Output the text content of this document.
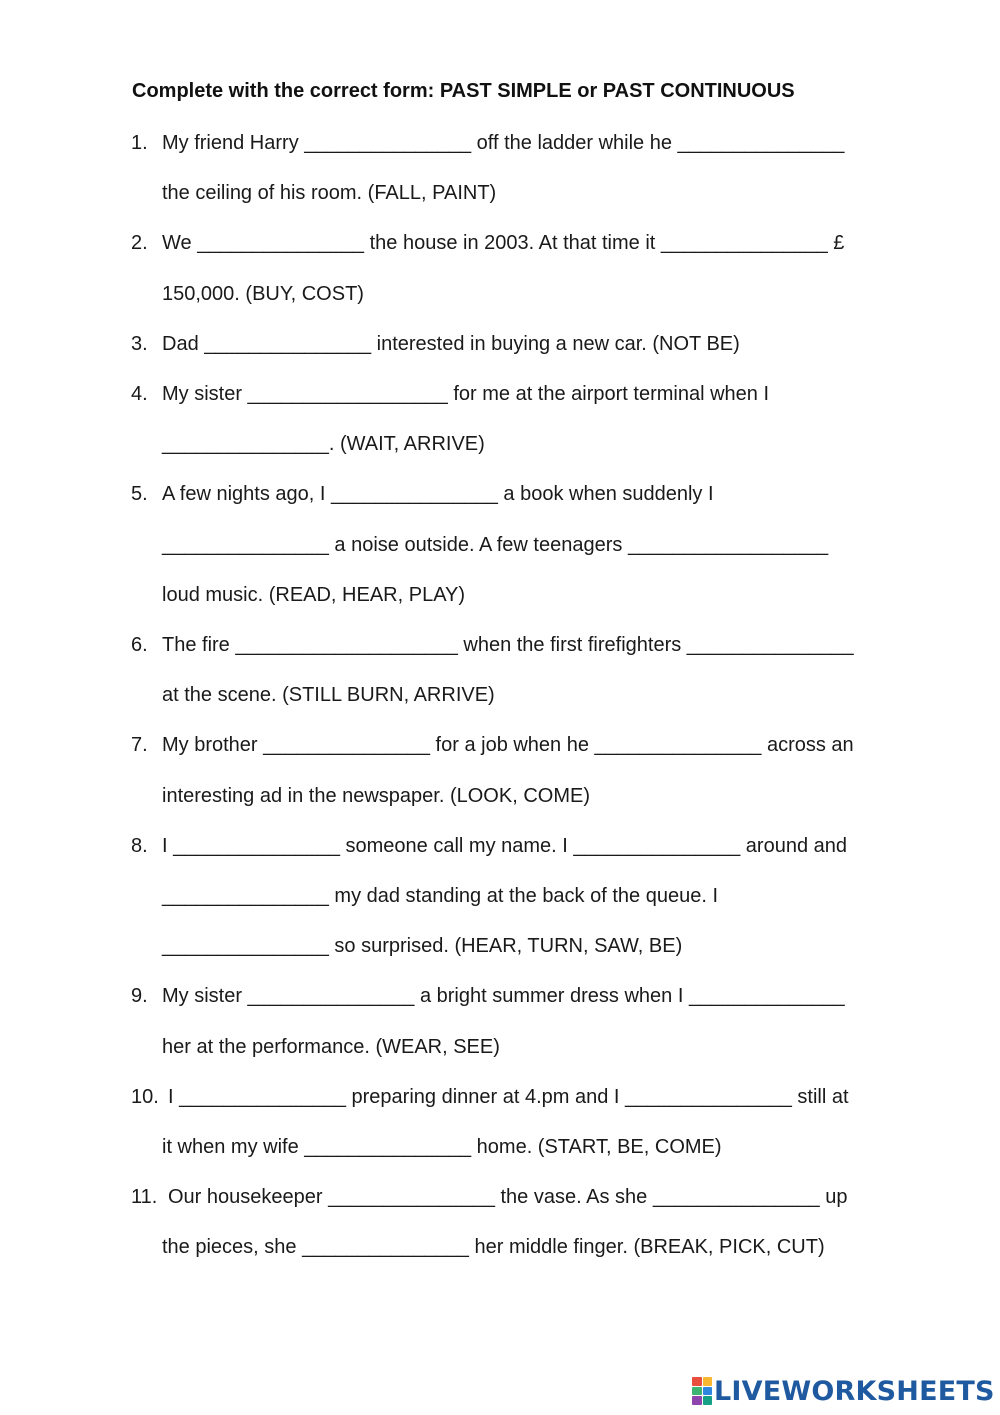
Complete with the correct form: PAST SIMPLE or PAST CONTINUOUS
1. My friend Harry _______________ off the ladder while he _______________
the ceiling of his room. (FALL, PAINT)
2. We _______________ the house in 2003. At that time it _______________ £
150,000. (BUY, COST)
3. Dad _______________ interested in buying a new car. (NOT BE)
4. My sister __________________ for me at the airport terminal when I
_______________. (WAIT, ARRIVE)
5. A few nights ago, I _______________ a book when suddenly I
_______________ a noise outside. A few teenagers __________________
loud music. (READ, HEAR, PLAY)
6. The fire ____________________ when the first firefighters _______________
at the scene. (STILL BURN, ARRIVE)
7. My brother _______________ for a job when he _______________ across an
interesting ad in the newspaper. (LOOK, COME)
8. I _______________ someone call my name. I _______________ around and
_______________ my dad standing at the back of the queue. I
_______________ so surprised. (HEAR, TURN, SAW, BE)
9. My sister _______________ a bright summer dress when I ______________
her at the performance. (WEAR, SEE)
10. I _______________ preparing dinner at 4.pm and I _______________ still at
it when my wife _______________ home. (START, BE, COME)
11. Our housekeeper _______________ the vase. As she _______________ up
the pieces, she _______________ her middle finger. (BREAK, PICK, CUT)
LIVEWORKSHEETS
